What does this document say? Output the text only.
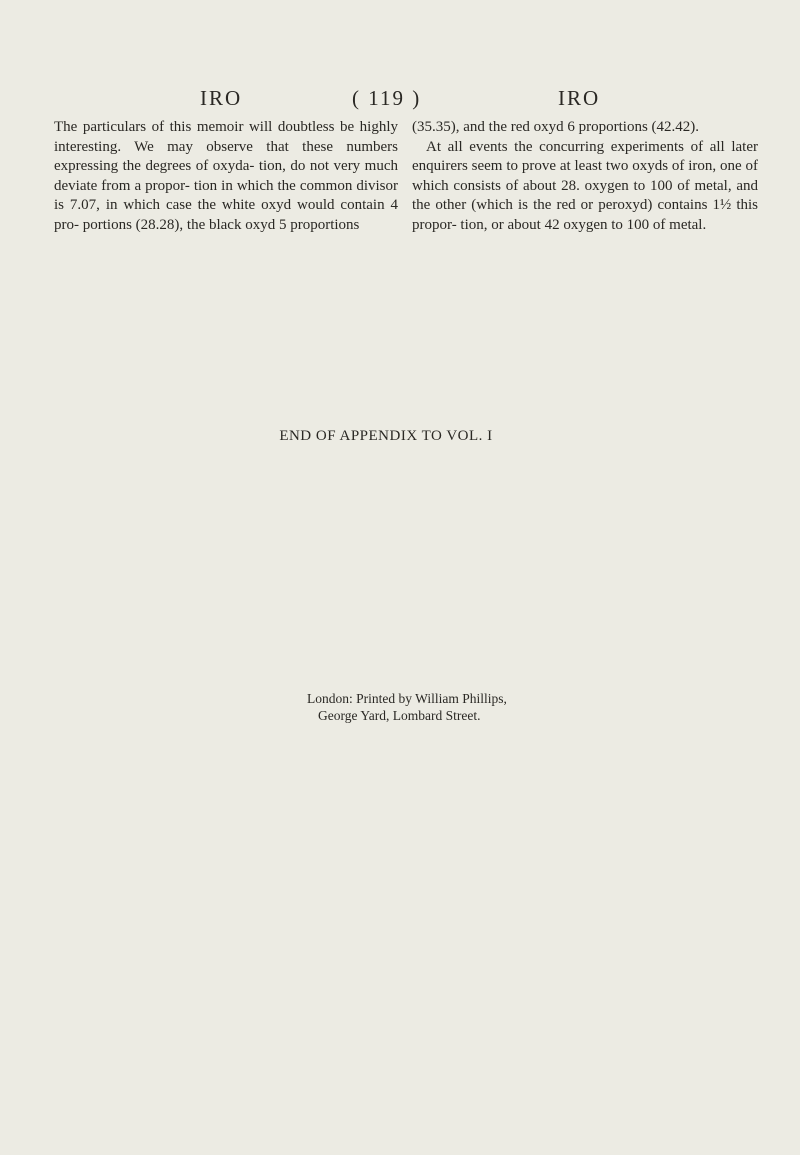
IRO	( 119 )	IRO

The particulars of this memoir will doubtless be highly interesting. We may observe that these numbers expressing the degrees of oxyda- tion, do not very much deviate from a propor- tion in which the common divisor is 7.07, in which case the white oxyd would contain 4 pro- portions (28.28), the black oxyd 5 proportions

(35.35), and the red oxyd 6 proportions (42.42).

At all events the concurring experiments of all later enquirers seem to prove at least two oxyds of iron, one of which consists of about 28. oxygen to 100 of metal, and the other (which is the red or peroxyd) contains 1½ this propor- tion, or about 42 oxygen to 100 of metal.

END OF APPENDIX TO VOL. I
London: Printed by William Phillips,
George Yard, Lombard Street.
